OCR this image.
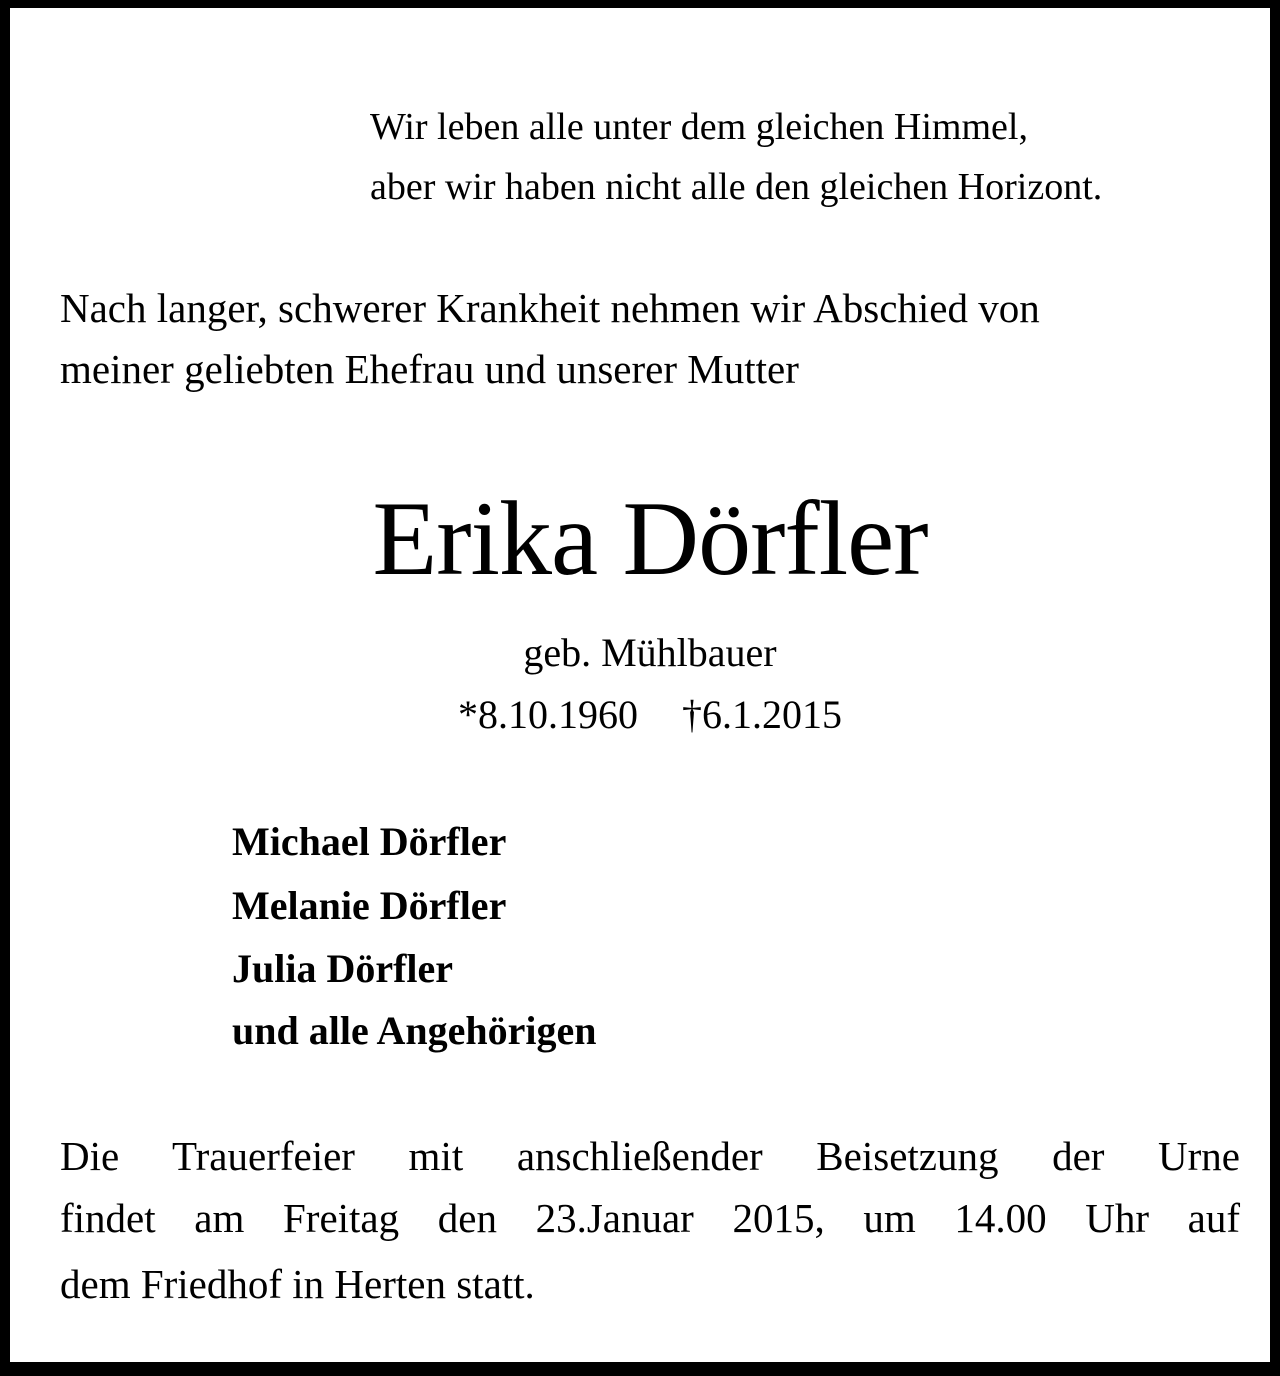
Wir leben alle unter dem gleichen Himmel,
aber wir haben nicht alle den gleichen Horizont.
Nach langer, schwerer Krankheit nehmen wir Abschied von
meiner geliebten Ehefrau und unserer Mutter
Erika Dörfler
geb. Mühlbauer
*8.10.1960 †6.1.2015
Michael Dörfler
Melanie Dörfler
Julia Dörfler
und alle Angehörigen
Die Trauerfeier mit anschließender Beisetzung der Urne
findet am Freitag den 23.Januar 2015, um 14.00 Uhr auf
dem Friedhof in Herten statt.
